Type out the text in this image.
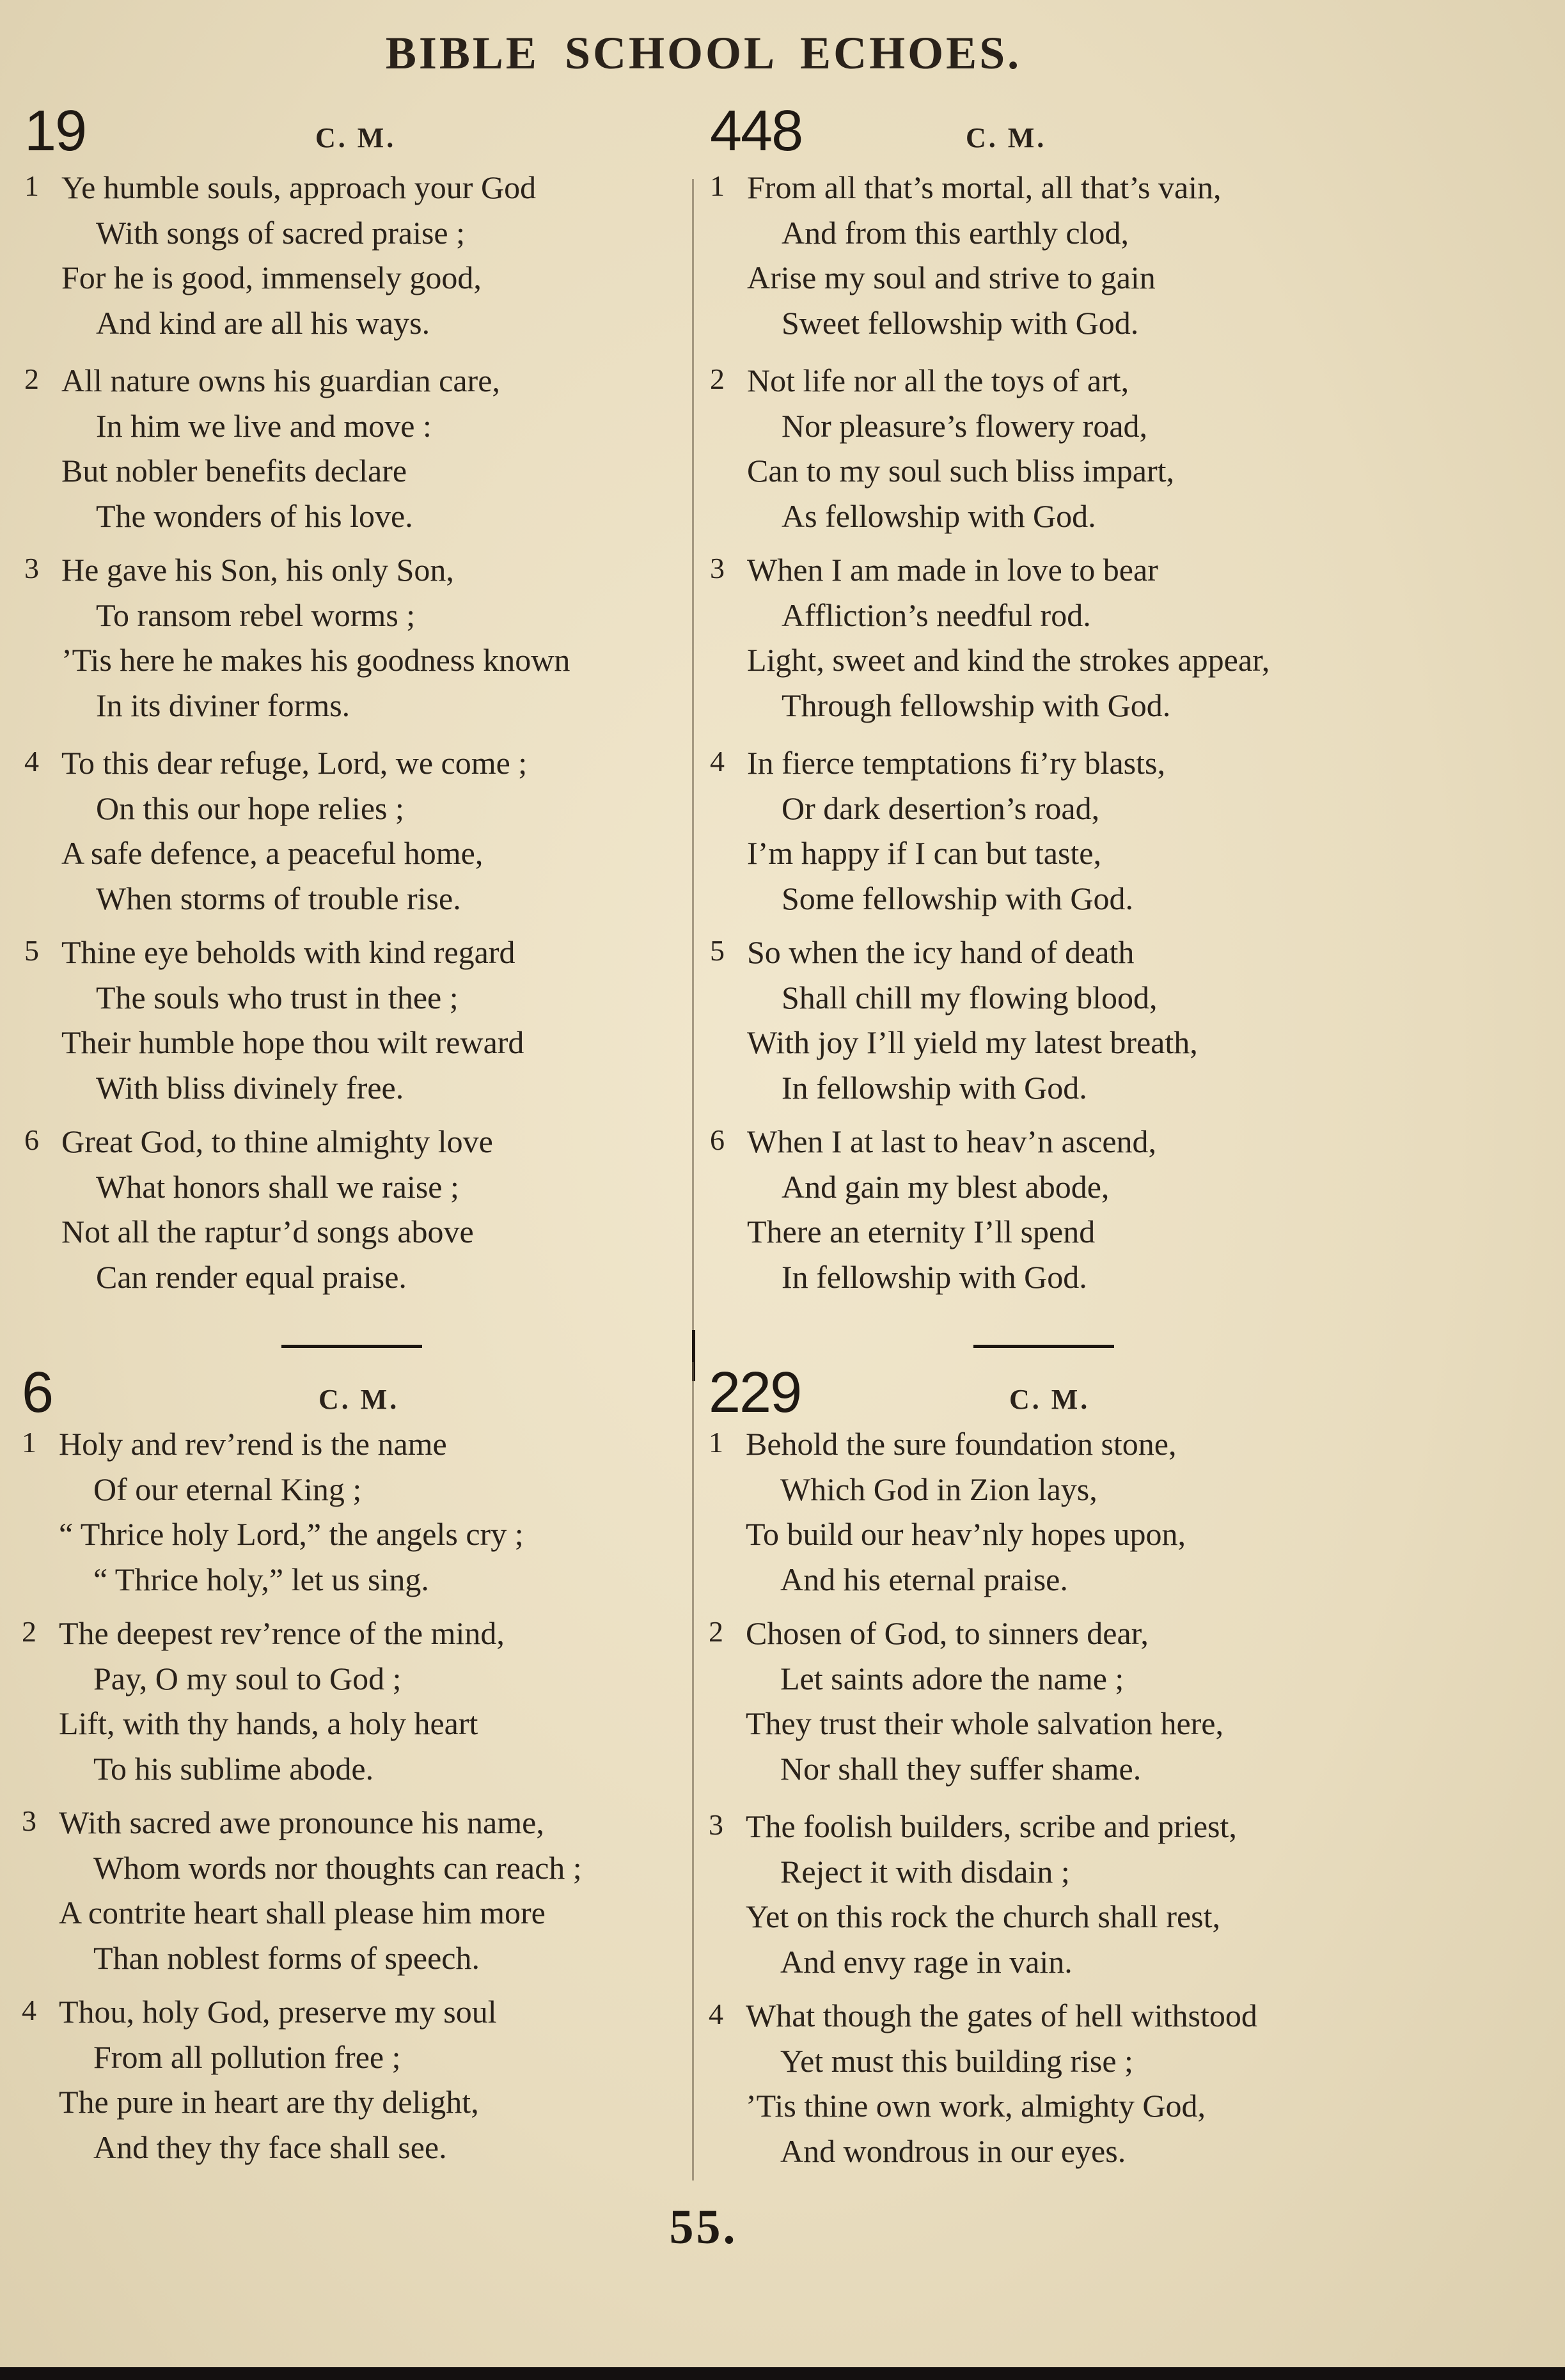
BIBLE SCHOOL ECHOES.
19	C. M.
1 Ye humble souls, approach your God
With songs of sacred praise ;
For he is good, immensely good,
And kind are all his ways.
2 All nature owns his guardian care,
In him we live and move :
But nobler benefits declare
The wonders of his love.
3 He gave his Son, his only Son,
To ransom rebel worms ;
’Tis here he makes his goodness known
In its diviner forms.
4 To this dear refuge, Lord, we come ;
On this our hope relies ;
A safe defence, a peaceful home,
When storms of trouble rise.
5 Thine eye beholds with kind regard
The souls who trust in thee ;
Their humble hope thou wilt reward
With bliss divinely free.
6 Great God, to thine almighty love
What honors shall we raise ;
Not all the raptur’d songs above
Can render equal praise.
448	C. M.
1 From all that’s mortal, all that’s vain,
And from this earthly clod,
Arise my soul and strive to gain
Sweet fellowship with God.
2 Not life nor all the toys of art,
Nor pleasure’s flowery road,
Can to my soul such bliss impart,
As fellowship with God.
3 When I am made in love to bear
Affliction’s needful rod.
Light, sweet and kind the strokes appear,
Through fellowship with God.
4 In fierce temptations fi’ry blasts,
Or dark desertion’s road,
I’m happy if I can but taste,
Some fellowship with God.
5 So when the icy hand of death
Shall chill my flowing blood,
With joy I’ll yield my latest breath,
In fellowship with God.
6 When I at last to heav’n ascend,
And gain my blest abode,
There an eternity I’ll spend
In fellowship with God.
6	C. M.
1 Holy and rev’rend is the name
Of our eternal King ;
“ Thrice holy Lord,” the angels cry ;
“ Thrice holy,” let us sing.
2 The deepest rev’rence of the mind,
Pay, O my soul to God ;
Lift, with thy hands, a holy heart
To his sublime abode.
3 With sacred awe pronounce his name,
Whom words nor thoughts can reach ;
A contrite heart shall please him more
Than noblest forms of speech.
4 Thou, holy God, preserve my soul
From all pollution free ;
The pure in heart are thy delight,
And they thy face shall see.
229	C. M.
1 Behold the sure foundation stone,
Which God in Zion lays,
To build our heav’nly hopes upon,
And his eternal praise.
2 Chosen of God, to sinners dear,
Let saints adore the name ;
They trust their whole salvation here,
Nor shall they suffer shame.
3 The foolish builders, scribe and priest,
Reject it with disdain ;
Yet on this rock the church shall rest,
And envy rage in vain.
4 What though the gates of hell withstood
Yet must this building rise ;
’Tis thine own work, almighty God,
And wondrous in our eyes.
55.
